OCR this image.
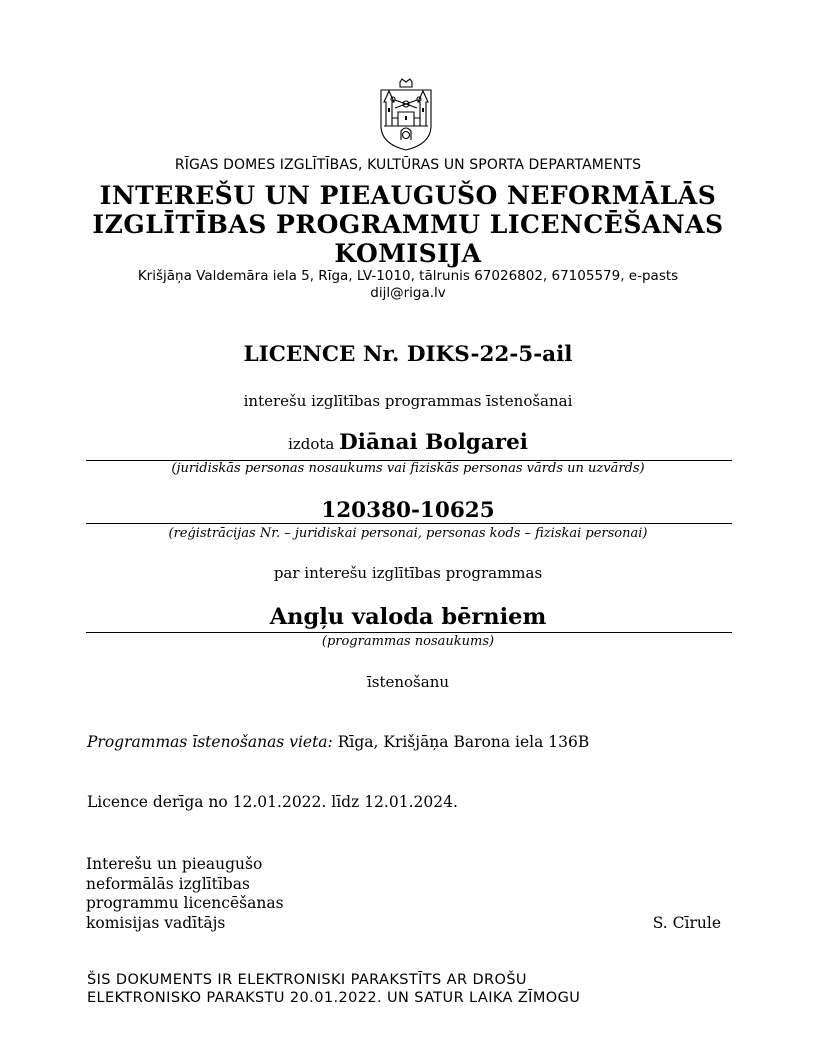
RĪGAS DOMES IZGLĪTĪBAS, KULTŪRAS UN SPORTA DEPARTAMENTS
INTEREŠU UN PIEAUGUŠO NEFORMĀLĀS
IZGLĪTĪBAS PROGRAMMU LICENCĒŠANAS
KOMISIJA
Krišjāņa Valdemāra iela 5, Rīga, LV-1010, tālrunis 67026802, 67105579, e-pasts
dijl@riga.lv
LICENCE Nr. DIKS-22-5-ail
interešu izglītības programmas īstenošanai
izdota Diānai Bolgarei
(juridiskās personas nosaukums vai fiziskās personas vārds un uzvārds)
120380-10625
(reģistrācijas Nr. – juridiskai personai, personas kods – fiziskai personai)
par interešu izglītības programmas
Angļu valoda bērniem
(programmas nosaukums)
īstenošanu
Programmas īstenošanas vieta: Rīga, Krišjāņa Barona iela 136B
Licence derīga no 12.01.2022. līdz 12.01.2024.
Interešu un pieaugušo
neformālās izglītības
programmu licencēšanas
komisijas vadītājs	S. Cīrule
ŠIS DOKUMENTS IR ELEKTRONISKI PARAKSTĪTS AR DROŠU
ELEKTRONISKO PARAKSTU 20.01.2022. UN SATUR LAIKA ZĪMOGU
